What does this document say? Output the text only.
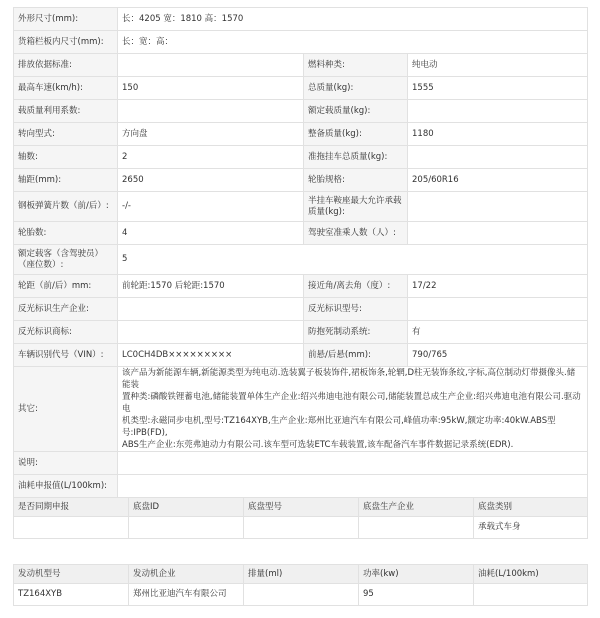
外形尺寸(mm):	长：4205 宽：1810 高：1570		
货箱栏板内尺寸(mm):	长：宽：高：		
排放依据标准:		燃料种类:	纯电动
最高车速(km/h):	150	总质量(kg):	1555
载质量利用系数:		额定载质量(kg):	
转向型式:	方向盘	整备质量(kg):	1180
轴数:	2	准拖挂车总质量(kg):	
轴距(mm):	2650	轮胎规格:	205/60R16
钢板弹簧片数（前/后）:	-/-	半挂车鞍座最大允许承载质量(kg):	
轮胎数:	4	驾驶室准乘人数（人）:	
额定载客（含驾驶员）（座位数）:	5		
轮距（前/后）mm:	前轮距:1570 后轮距:1570	接近角/离去角（度）:	17/22
反光标识生产企业:		反光标识型号:	
反光标识商标:		防抱死制动系统:	有
车辆识别代号（VIN）:	LC0CH4DB×××××××××	前悬/后悬(mm):	790/765
其它:	该产品为新能源车辆,新能源类型为纯电动.选装翼子板装饰件,裙板饰条,轮辋,D柱无装饰条纹,字标,高位制动灯带摄像头.储能装
置种类:磷酸铁锂蓄电池,储能装置单体生产企业:绍兴弗迪电池有限公司,储能装置总成生产企业:绍兴弗迪电池有限公司.驱动电
机类型:永磁同步电机,型号:TZ164XYB,生产企业:郑州比亚迪汽车有限公司,峰值功率:95kW,额定功率:40kW.ABS型号:IPB(FD),
ABS生产企业:东莞弗迪动力有限公司.该车型可选装ETC车载装置,该车配备汽车事件数据记录系统(EDR).		

说明:			
油耗申报值(L/100km):			
是否同期申报	底盘ID	底盘型号	底盘生产企业	底盘类别
				承载式车身
发动机型号	发动机企业	排量(ml)	功率(kw)	油耗(L/100km)
TZ164XYB	郑州比亚迪汽车有限公司		95	
